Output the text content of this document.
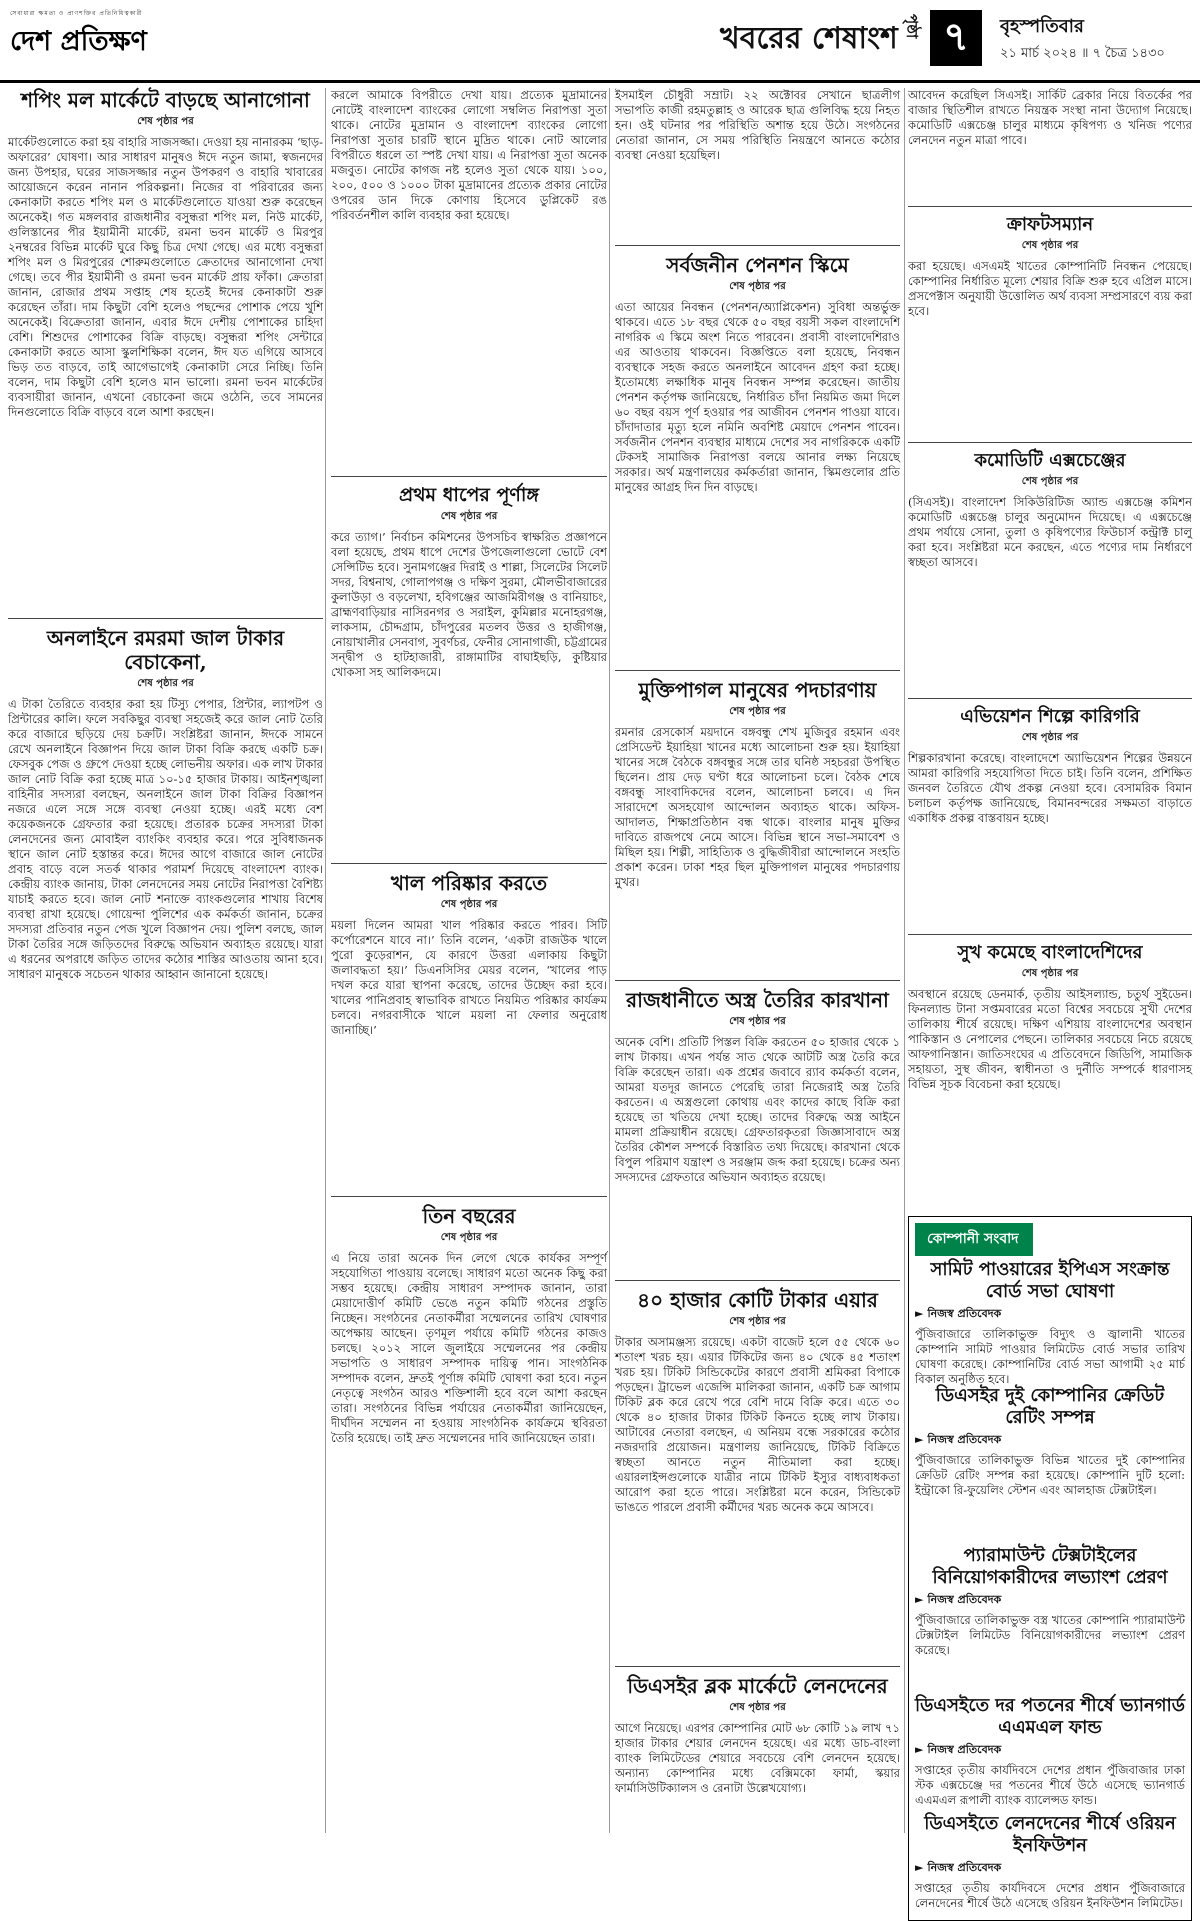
সেবাধারা ক্ষমতা ও প্রাণশক্তির প্রতিনিধিত্বকারী
দেশ প্রতিক্ষণ	খবরের শেষাংশ পৃষ্ঠা ৭	বৃহস্পতিবার
২১ মার্চ ২০২৪ ॥ ৭ চৈত্র ১৪৩০
শপিং মল মার্কেটে বাড়ছে আনাগোনা
শেষ পৃষ্ঠার পর
মার্কেটগুলোতে করা হয় বাহারি সাজসজ্জা। দেওয়া হয় নানারকম ‘ছাড়-অফারের’ ঘোষণা। আর সাধারণ মানুষও ঈদে নতুন জামা, স্বজনদের জন্য উপহার, ঘরের সাজসজ্জার নতুন উপকরণ ও বাহারি খাবারের আয়োজনে করেন নানান পরিকল্পনা। নিজের বা পরিবারের জন্য কেনাকাটা করতে শপিং মল ও মার্কেটগুলোতে যাওয়া শুরু করেছেন অনেকেই। গত মঙ্গলবার রাজধানীর বসুন্ধরা শপিং মল, নিউ মার্কেট, গুলিস্তানের পীর ইয়ামীনী মার্কেট, রমনা ভবন মার্কেট ও মিরপুর ২নম্বরের বিভিন্ন মার্কেট ঘুরে কিছু চিত্র দেখা গেছে। এর মধ্যে বসুন্ধরা শপিং মল ও মিরপুরের শোরুমগুলোতে ক্রেতাদের আনাগোনা দেখা গেছে। তবে পীর ইয়ামীনী ও রমনা ভবন মার্কেট প্রায় ফাঁকা। ক্রেতারা জানান, রোজার প্রথম সপ্তাহ শেষ হতেই ঈদের কেনাকাটা শুরু করেছেন তাঁরা। দাম কিছুটা বেশি হলেও পছন্দের পোশাক পেয়ে খুশি অনেকেই। বিক্রেতারা জানান, এবার ঈদে দেশীয় পোশাকের চাহিদা বেশি। শিশুদের পোশাকের বিক্রি বাড়ছে। বসুন্ধরা শপিং সেন্টারে কেনাকাটা করতে আসা স্কুলশিক্ষিকা বলেন, ঈদ যত এগিয়ে আসবে ভিড় তত বাড়বে, তাই আগেভাগেই কেনাকাটা সেরে নিচ্ছি। তিনি বলেন, দাম কিছুটা বেশি হলেও মান ভালো। রমনা ভবন মার্কেটের ব্যবসায়ীরা জানান, এখনো বেচাকেনা জমে ওঠেনি, তবে সামনের দিনগুলোতে বিক্রি বাড়বে বলে আশা করছেন।
অনলাইনে রমরমা জাল টাকার বেচাকেনা,
শেষ পৃষ্ঠার পর
এ টাকা তৈরিতে ব্যবহার করা হয় টিস্যু পেপার, প্রিন্টার, ল্যাপটপ ও প্রিন্টারের কালি। ফলে সবকিছুর ব্যবস্থা সহজেই করে জাল নোট তৈরি করে বাজারে ছড়িয়ে দেয় চক্রটি। সংশ্লিষ্টরা জানান, ঈদকে সামনে রেখে অনলাইনে বিজ্ঞাপন দিয়ে জাল টাকা বিক্রি করছে একটি চক্র। ফেসবুক পেজ ও গ্রুপে দেওয়া হচ্ছে লোভনীয় অফার। এক লাখ টাকার জাল নোট বিক্রি করা হচ্ছে মাত্র ১০-১৫ হাজার টাকায়। আইনশৃঙ্খলা বাহিনীর সদস্যরা বলছেন, অনলাইনে জাল টাকা বিক্রির বিজ্ঞাপন নজরে এলে সঙ্গে সঙ্গে ব্যবস্থা নেওয়া হচ্ছে। এরই মধ্যে বেশ কয়েকজনকে গ্রেফতার করা হয়েছে। প্রতারক চক্রের সদস্যরা টাকা লেনদেনের জন্য মোবাইল ব্যাংকিং ব্যবহার করে। পরে সুবিধাজনক স্থানে জাল নোট হস্তান্তর করে। ঈদের আগে বাজারে জাল নোটের প্রবাহ বাড়ে বলে সতর্ক থাকার পরামর্শ দিয়েছে বাংলাদেশ ব্যাংক। কেন্দ্রীয় ব্যাংক জানায়, টাকা লেনদেনের সময় নোটের নিরাপত্তা বৈশিষ্ট্য যাচাই করতে হবে। জাল নোট শনাক্তে ব্যাংকগুলোর শাখায় বিশেষ ব্যবস্থা রাখা হয়েছে। গোয়েন্দা পুলিশের এক কর্মকর্তা জানান, চক্রের সদস্যরা প্রতিবার নতুন পেজ খুলে বিজ্ঞাপন দেয়। পুলিশ বলছে, জাল টাকা তৈরির সঙ্গে জড়িতদের বিরুদ্ধে অভিযান অব্যাহত রয়েছে। যারা এ ধরনের অপরাধে জড়িত তাদের কঠোর শাস্তির আওতায় আনা হবে। সাধারণ মানুষকে সচেতন থাকার আহ্বান জানানো হয়েছে।
করলে আমাকে বিপরীতে দেখা যায়। প্রত্যেক মুদ্রামানের নোটেই বাংলাদেশ ব্যাংকের লোগো সম্বলিত নিরাপত্তা সুতা থাকে। নোটের মুদ্রামান ও বাংলাদেশ ব্যাংকের লোগো নিরাপত্তা সুতার চারটি স্থানে মুদ্রিত থাকে। নোট আলোর বিপরীতে ধরলে তা স্পষ্ট দেখা যায়। এ নিরাপত্তা সুতা অনেক মজবুত। নোটের কাগজ নষ্ট হলেও সুতা থেকে যায়। ১০০, ২০০, ৫০০ ও ১০০০ টাকা মুদ্রামানের প্রত্যেক প্রকার নোটের ওপরের ডান দিকে কোণায় হিসেবে ডুপ্লিকেট রঙ পরিবর্তনশীল কালি ব্যবহার করা হয়েছে।
প্রথম ধাপের পূর্ণাঙ্গ
শেষ পৃষ্ঠার পর
করে ত্যাগ।’ নির্বাচন কমিশনের উপসচিব স্বাক্ষরিত প্রজ্ঞাপনে বলা হয়েছে, প্রথম ধাপে দেশের উপজেলাগুলো ভোটে বেশ সেন্সিটিভ হবে। সুনামগঞ্জের দিরাই ও শাল্লা, সিলেটের সিলেট সদর, বিশ্বনাথ, গোলাপগঞ্জ ও দক্ষিণ সুরমা, মৌলভীবাজারের কুলাউড়া ও বড়লেখা, হবিগঞ্জের আজমিরীগঞ্জ ও বানিয়াচং, ব্রাহ্মণবাড়িয়ার নাসিরনগর ও সরাইল, কুমিল্লার মনোহরগঞ্জ, লাকসাম, চৌদ্দগ্রাম, চাঁদপুরের মতলব উত্তর ও হাজীগঞ্জ, নোয়াখালীর সেনবাগ, সুবর্ণচর, ফেনীর সোনাগাজী, চট্টগ্রামের সন্দ্বীপ ও হাটহাজারী, রাঙ্গামাটির বাঘাইছড়ি, কুষ্টিয়ার খোকসা সহ আলিকদমে।
খাল পরিষ্কার করতে
শেষ পৃষ্ঠার পর
ময়লা দিলেন আমরা খাল পরিষ্কার করতে পারব। সিটি কর্পোরেশনে যাবে না।’ তিনি বলেন, ‘একটা রাজউক খালে পুরো কুড়েরাশন, যে কারণে উত্তরা এলাকায় কিছুটা জলাবদ্ধতা হয়।’ ডিএনসিসির মেয়র বলেন, ‘খালের পাড় দখল করে যারা স্থাপনা করেছে, তাদের উচ্ছেদ করা হবে। খালের পানিপ্রবাহ স্বাভাবিক রাখতে নিয়মিত পরিষ্কার কার্যক্রম চলবে। নগরবাসীকে খালে ময়লা না ফেলার অনুরোধ জানাচ্ছি।’
তিন বছরের
শেষ পৃষ্ঠার পর
এ নিয়ে তারা অনেক দিন লেগে থেকে কার্যকর সম্পূর্ণ সহযোগিতা পাওয়ায় বলেছে। সাধারণ মতো অনেক কিছু করা সম্ভব হয়েছে। কেন্দ্রীয় সাধারণ সম্পাদক জানান, তারা মেয়াদোত্তীর্ণ কমিটি ভেঙে নতুন কমিটি গঠনের প্রস্তুতি নিচ্ছেন। সংগঠনের নেতাকর্মীরা সম্মেলনের তারিখ ঘোষণার অপেক্ষায় আছেন। তৃণমূল পর্যায়ে কমিটি গঠনের কাজও চলছে। ২০১২ সালে জুলাইয়ে সম্মেলনের পর কেন্দ্রীয় সভাপতি ও সাধারণ সম্পাদক দায়িত্ব পান। সাংগঠনিক সম্পাদক বলেন, দ্রুতই পূর্ণাঙ্গ কমিটি ঘোষণা করা হবে। নতুন নেতৃত্বে সংগঠন আরও শক্তিশালী হবে বলে আশা করছেন তারা। সংগঠনের বিভিন্ন পর্যায়ের নেতাকর্মীরা জানিয়েছেন, দীর্ঘদিন সম্মেলন না হওয়ায় সাংগঠনিক কার্যক্রমে স্থবিরতা তৈরি হয়েছে। তাই দ্রুত সম্মেলনের দাবি জানিয়েছেন তারা।
ইসমাইল চৌধুরী সম্রাট। ২২ অক্টোবর সেখানে ছাত্রলীগ সভাপতি কাজী রহমতুল্লাহ ও আরেক ছাত্র গুলিবিদ্ধ হয়ে নিহত হন। ওই ঘটনার পর পরিস্থিতি অশান্ত হয়ে উঠে। সংগঠনের নেতারা জানান, সে সময় পরিস্থিতি নিয়ন্ত্রণে আনতে কঠোর ব্যবস্থা নেওয়া হয়েছিল।
সর্বজনীন পেনশন স্কিমে
শেষ পৃষ্ঠার পর
এতা আয়ের নিবন্ধন (পেনশন/অ্যাপ্লিকেশন) সুবিধা অন্তর্ভুক্ত থাকবে। এতে ১৮ বছর থেকে ৫০ বছর বয়সী সকল বাংলাদেশি নাগরিক এ স্কিমে অংশ নিতে পারবেন। প্রবাসী বাংলাদেশিরাও এর আওতায় থাকবেন। বিজ্ঞপ্তিতে বলা হয়েছে, নিবন্ধন ব্যবস্থাকে সহজ করতে অনলাইনে আবেদন গ্রহণ করা হচ্ছে। ইতোমধ্যে লক্ষাধিক মানুষ নিবন্ধন সম্পন্ন করেছেন। জাতীয় পেনশন কর্তৃপক্ষ জানিয়েছে, নির্ধারিত চাঁদা নিয়মিত জমা দিলে ৬০ বছর বয়স পূর্ণ হওয়ার পর আজীবন পেনশন পাওয়া যাবে। চাঁদাদাতার মৃত্যু হলে নমিনি অবশিষ্ট মেয়াদে পেনশন পাবেন। সর্বজনীন পেনশন ব্যবস্থার মাধ্যমে দেশের সব নাগরিককে একটি টেকসই সামাজিক নিরাপত্তা বলয়ে আনার লক্ষ্য নিয়েছে সরকার। অর্থ মন্ত্রণালয়ের কর্মকর্তারা জানান, স্কিমগুলোর প্রতি মানুষের আগ্রহ দিন দিন বাড়ছে।
মুক্তিপাগল মানুষের পদচারণায়
শেষ পৃষ্ঠার পর
রমনার রেসকোর্স ময়দানে বঙ্গবন্ধু শেখ মুজিবুর রহমান এবং প্রেসিডেন্ট ইয়াহিয়া খানের মধ্যে আলোচনা শুরু হয়। ইয়াহিয়া খানের সঙ্গে বৈঠকে বঙ্গবন্ধুর সঙ্গে তার ঘনিষ্ঠ সহচররা উপস্থিত ছিলেন। প্রায় দেড় ঘণ্টা ধরে আলোচনা চলে। বৈঠক শেষে বঙ্গবন্ধু সাংবাদিকদের বলেন, আলোচনা চলবে। এ দিন সারাদেশে অসহযোগ আন্দোলন অব্যাহত থাকে। অফিস-আদালত, শিক্ষাপ্রতিষ্ঠান বন্ধ থাকে। বাংলার মানুষ মুক্তির দাবিতে রাজপথে নেমে আসে। বিভিন্ন স্থানে সভা-সমাবেশ ও মিছিল হয়। শিল্পী, সাহিত্যিক ও বুদ্ধিজীবীরা আন্দোলনে সংহতি প্রকাশ করেন। ঢাকা শহর ছিল মুক্তিপাগল মানুষের পদচারণায় মুখর।
রাজধানীতে অস্ত্র তৈরির কারখানা
শেষ পৃষ্ঠার পর
অনেক বেশি। প্রতিটি পিস্তল বিক্রি করতেন ৫০ হাজার থেকে ১ লাখ টাকায়। এখন পর্যন্ত সাত থেকে আটটি অস্ত্র তৈরি করে বিক্রি করেছেন তারা। এক প্রশ্নের জবাবে র‍্যাব কর্মকর্তা বলেন, আমরা যতদূর জানতে পেরেছি তারা নিজেরাই অস্ত্র তৈরি করতেন। এ অস্ত্রগুলো কোথায় এবং কাদের কাছে বিক্রি করা হয়েছে তা খতিয়ে দেখা হচ্ছে। তাদের বিরুদ্ধে অস্ত্র আইনে মামলা প্রক্রিয়াধীন রয়েছে। গ্রেফতারকৃতরা জিজ্ঞাসাবাদে অস্ত্র তৈরির কৌশল সম্পর্কে বিস্তারিত তথ্য দিয়েছে। কারখানা থেকে বিপুল পরিমাণ যন্ত্রাংশ ও সরঞ্জাম জব্দ করা হয়েছে। চক্রের অন্য সদস্যদের গ্রেফতারে অভিযান অব্যাহত রয়েছে।
৪০ হাজার কোটি টাকার এয়ার
শেষ পৃষ্ঠার পর
টাকার অসামঞ্জস্য রয়েছে। একটা বাজেট হলে ৫৫ থেকে ৬০ শতাংশ খরচ হয়। এয়ার টিকিটের জন্য ৪০ থেকে ৪৫ শতাংশ খরচ হয়। টিকিট সিন্ডিকেটের কারণে প্রবাসী শ্রমিকরা বিপাকে পড়ছেন। ট্রাভেল এজেন্সি মালিকরা জানান, একটি চক্র আগাম টিকিট ব্লক করে রেখে পরে বেশি দামে বিক্রি করে। এতে ৩০ থেকে ৪০ হাজার টাকার টিকিট কিনতে হচ্ছে লাখ টাকায়। আটাবের নেতারা বলছেন, এ অনিয়ম বন্ধে সরকারের কঠোর নজরদারি প্রয়োজন। মন্ত্রণালয় জানিয়েছে, টিকিট বিক্রিতে স্বচ্ছতা আনতে নতুন নীতিমালা করা হচ্ছে। এয়ারলাইন্সগুলোকে যাত্রীর নামে টিকিট ইস্যুর বাধ্যবাধকতা আরোপ করা হতে পারে। সংশ্লিষ্টরা মনে করেন, সিন্ডিকেট ভাঙতে পারলে প্রবাসী কর্মীদের খরচ অনেক কমে আসবে।
ডিএসইর ব্লক মার্কেটে লেনদেনের
শেষ পৃষ্ঠার পর
আগে নিয়েছে। এরপর কোম্পানির মোট ৬৮ কোটি ১৯ লাখ ৭১ হাজার টাকার শেয়ার লেনদেন হয়েছে। এর মধ্যে ডাচ-বাংলা ব্যাংক লিমিটেডের শেয়ারে সবচেয়ে বেশি লেনদেন হয়েছে। অন্যান্য কোম্পানির মধ্যে বেক্সিমকো ফার্মা, স্কয়ার ফার্মাসিউটিক্যালস ও রেনাটা উল্লেখযোগ্য।
আবেদন করেছিল সিএসই। সার্কিট ব্রেকার নিয়ে বিতর্কের পর বাজার স্থিতিশীল রাখতে নিয়ন্ত্রক সংস্থা নানা উদ্যোগ নিয়েছে। কমোডিটি এক্সচেঞ্জ চালুর মাধ্যমে কৃষিপণ্য ও খনিজ পণ্যের লেনদেন নতুন মাত্রা পাবে।
ক্রাফটসম্যান
শেষ পৃষ্ঠার পর
করা হয়েছে। এসএমই খাতের কোম্পানিটি নিবন্ধন পেয়েছে। কোম্পানির নির্ধারিত মূল্যে শেয়ার বিক্রি শুরু হবে এপ্রিল মাসে। প্রসপেক্টাস অনুযায়ী উত্তোলিত অর্থ ব্যবসা সম্প্রসারণে ব্যয় করা হবে।
কমোডিটি এক্সচেঞ্জের
শেষ পৃষ্ঠার পর
(সিএসই)। বাংলাদেশ সিকিউরিটিজ অ্যান্ড এক্সচেঞ্জ কমিশন কমোডিটি এক্সচেঞ্জ চালুর অনুমোদন দিয়েছে। এ এক্সচেঞ্জে প্রথম পর্যায়ে সোনা, তুলা ও কৃষিপণ্যের ফিউচার্স কন্ট্রাক্ট চালু করা হবে। সংশ্লিষ্টরা মনে করছেন, এতে পণ্যের দাম নির্ধারণে স্বচ্ছতা আসবে।
এভিয়েশন শিল্পে কারিগরি
শেষ পৃষ্ঠার পর
শিল্পকারখানা করেছে। বাংলাদেশে অ্যাভিয়েশন শিল্পের উন্নয়নে আমরা কারিগরি সহযোগিতা দিতে চাই। তিনি বলেন, প্রশিক্ষিত জনবল তৈরিতে যৌথ প্রকল্প নেওয়া হবে। বেসামরিক বিমান চলাচল কর্তৃপক্ষ জানিয়েছে, বিমানবন্দরের সক্ষমতা বাড়াতে একাধিক প্রকল্প বাস্তবায়ন হচ্ছে।
সুখ কমেছে বাংলাদেশিদের
শেষ পৃষ্ঠার পর
অবস্থানে রয়েছে ডেনমার্ক, তৃতীয় আইসল্যান্ড, চতুর্থ সুইডেন। ফিনল্যান্ড টানা সপ্তমবারের মতো বিশ্বের সবচেয়ে সুখী দেশের তালিকায় শীর্ষে রয়েছে। দক্ষিণ এশিয়ায় বাংলাদেশের অবস্থান পাকিস্তান ও নেপালের পেছনে। তালিকার সবচেয়ে নিচে রয়েছে আফগানিস্তান। জাতিসংঘের এ প্রতিবেদনে জিডিপি, সামাজিক সহায়তা, সুস্থ জীবন, স্বাধীনতা ও দুর্নীতি সম্পর্কে ধারণাসহ বিভিন্ন সূচক বিবেচনা করা হয়েছে।
কোম্পানী সংবাদ
সামিট পাওয়ারের ইপিএস সংক্রান্ত বোর্ড সভা ঘোষণা
► নিজস্ব প্রতিবেদক
পুঁজিবাজারে তালিকাভুক্ত বিদ্যুৎ ও জ্বালানী খাতের কোম্পানি সামিট পাওয়ার লিমিটেড বোর্ড সভার তারিখ ঘোষণা করেছে। কোম্পানিটির বোর্ড সভা আগামী ২৫ মার্চ বিকাল অনুষ্ঠিত হবে।
ডিএসইর দুই কোম্পানির ক্রেডিট রেটিং সম্পন্ন
► নিজস্ব প্রতিবেদক
পুঁজিবাজারে তালিকাভুক্ত বিভিন্ন খাতের দুই কোম্পানির ক্রেডিট রেটিং সম্পন্ন করা হয়েছে। কোম্পানি দুটি হলো: ইন্ট্রাকো রি-ফুয়েলিং স্টেশন এবং আলহাজ টেক্সটাইল।
প্যারামাউন্ট টেক্সটাইলের বিনিয়োগকারীদের লভ্যাংশ প্রেরণ
► নিজস্ব প্রতিবেদক
পুঁজিবাজারে তালিকাভুক্ত বস্ত্র খাতের কোম্পানি প্যারামাউন্ট টেক্সটাইল লিমিটেড বিনিয়োগকারীদের লভ্যাংশ প্রেরণ করেছে।
ডিএসইতে দর পতনের শীর্ষে ভ্যানগার্ড এএমএল ফান্ড
► নিজস্ব প্রতিবেদক
সপ্তাহের তৃতীয় কার্যদিবসে দেশের প্রধান পুঁজিবাজার ঢাকা স্টক এক্সচেঞ্জে দর পতনের শীর্ষে উঠে এসেছে ভ্যানগার্ড এএমএল রূপালী ব্যাংক ব্যালেন্সড ফান্ড।
ডিএসইতে লেনদেনের শীর্ষে ওরিয়ন ইনফিউশন
► নিজস্ব প্রতিবেদক
সপ্তাহের তৃতীয় কার্যদিবসে দেশের প্রধান পুঁজিবাজারে লেনদেনের শীর্ষে উঠে এসেছে ওরিয়ন ইনফিউশন লিমিটেড।
